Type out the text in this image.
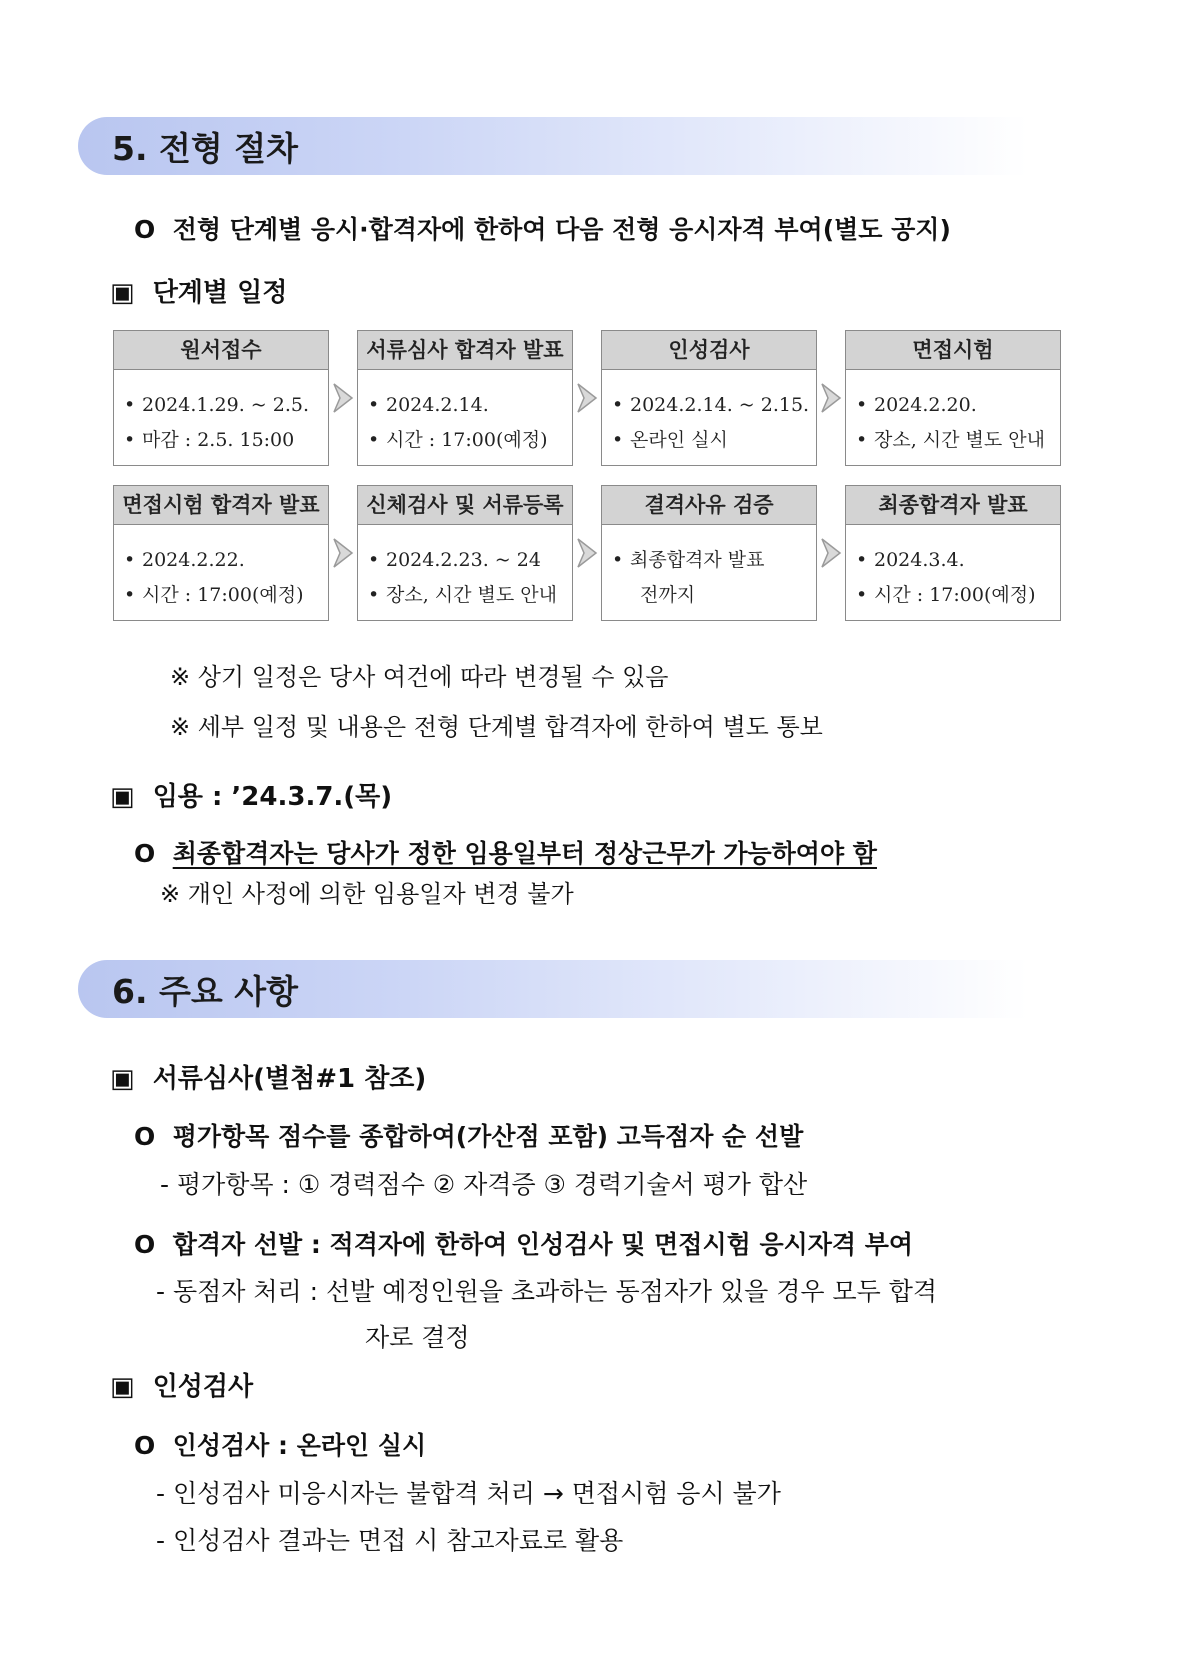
5. 전형 절차
O 전형 단계별 응시·합격자에 한하여 다음 전형 응시자격 부여(별도 공지)
▣ 단계별 일정
원서접수
• 2024.1.29. ~ 2.5.
• 마감 : 2.5. 15:00
서류심사 합격자 발표
• 2024.2.14.
• 시간 : 17:00(예정)
인성검사
• 2024.2.14. ~ 2.15.
• 온라인 실시
면접시험
• 2024.2.20.
• 장소, 시간 별도 안내
면접시험 합격자 발표
• 2024.2.22.
• 시간 : 17:00(예정)
신체검사 및 서류등록
• 2024.2.23. ~ 24
• 장소, 시간 별도 안내
결격사유 검증
• 최종합격자 발표
전까지
최종합격자 발표
• 2024.3.4.
• 시간 : 17:00(예정)
※ 상기 일정은 당사 여건에 따라 변경될 수 있음
※ 세부 일정 및 내용은 전형 단계별 합격자에 한하여 별도 통보
▣ 임용 : ’24.3.7.(목)
O 최종합격자는 당사가 정한 임용일부터 정상근무가 가능하여야 함
※ 개인 사정에 의한 임용일자 변경 불가
6. 주요 사항
▣ 서류심사(별첨#1 참조)
O 평가항목 점수를 종합하여(가산점 포함) 고득점자 순 선발
- 평가항목 : ① 경력점수 ② 자격증 ③ 경력기술서 평가 합산
O 합격자 선발 : 적격자에 한하여 인성검사 및 면접시험 응시자격 부여
- 동점자 처리 : 선발 예정인원을 초과하는 동점자가 있을 경우 모두 합격
자로 결정
▣ 인성검사
O 인성검사 : 온라인 실시
- 인성검사 미응시자는 불합격 처리 → 면접시험 응시 불가
- 인성검사 결과는 면접 시 참고자료로 활용
